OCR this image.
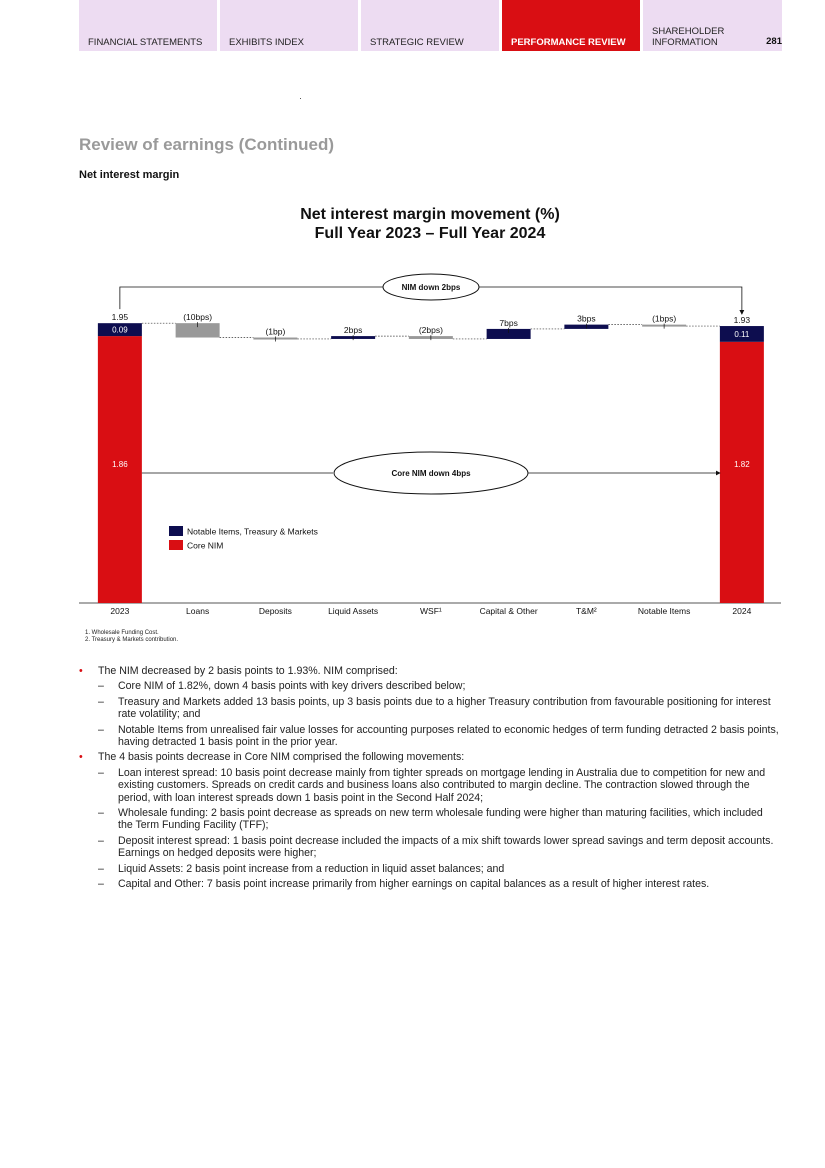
FINANCIAL STATEMENTS	EXHIBITS INDEX	STRATEGIC REVIEW	PERFORMANCE REVIEW
SHAREHOLDER INFORMATION	281
Review of earnings (Continued)
Net interest margin
Net interest margin movement (%)
Full Year 2023 – Full Year 2024
2023	Loans	Deposits	Liquid Assets	WSF¹	Capital & Other	T&M²	Notable Items	2024
1.95
0.09
1.86
1.93
0.11
1.82
(10bps)
(1bp)	2bps	(2bps)
7bps	3bps	(1bps)
NIM down 2bps
Core NIM down 4bps
Notable Items, Treasury & Markets
Core NIM
1. Wholesale Funding Cost.
2. Treasury & Markets contribution.
• The NIM decreased by 2 basis points to 1.93%. NIM comprised:
– Core NIM of 1.82%, down 4 basis points with key drivers described below;
– Treasury and Markets added 13 basis points, up 3 basis points due to a higher Treasury contribution from favourable positioning for interest rate volatility; and
– Notable Items from unrealised fair value losses for accounting purposes related to economic hedges of term funding detracted 2 basis points, having detracted 1 basis point in the prior year.
• The 4 basis points decrease in Core NIM comprised the following movements:
– Loan interest spread: 10 basis point decrease mainly from tighter spreads on mortgage lending in Australia due to competition for new and existing customers. Spreads on credit cards and business loans also contributed to margin decline. The contraction slowed through the period, with loan interest spreads down 1 basis point in the Second Half 2024;
– Wholesale funding: 2 basis point decrease as spreads on new term wholesale funding were higher than maturing facilities, which included the Term Funding Facility (TFF);
– Deposit interest spread: 1 basis point decrease included the impacts of a mix shift towards lower spread savings and term deposit accounts. Earnings on hedged deposits were higher;
– Liquid Assets: 2 basis point increase from a reduction in liquid asset balances; and
– Capital and Other: 7 basis point increase primarily from higher earnings on capital balances as a result of higher interest rates.
